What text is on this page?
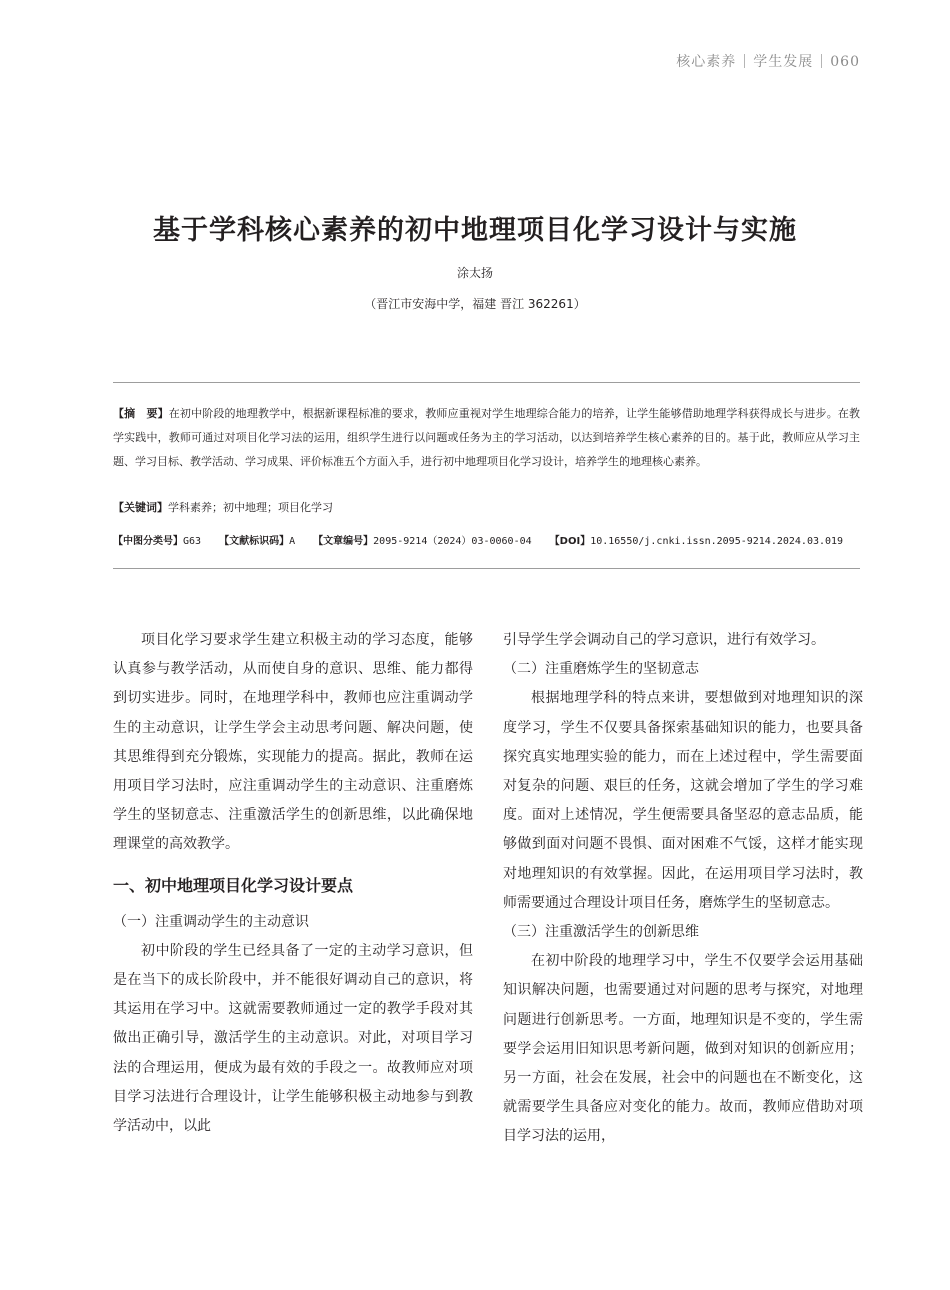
核心素养 学生发展 060
基于学科核心素养的初中地理项目化学习设计与实施
涂太扬
（晋江市安海中学，福建 晋江 362261）
【摘　要】在初中阶段的地理教学中，根据新课程标准的要求，教师应重视对学生地理综合能力的培养，让学生能够借助地理学科获得成长与进步。在教学实践中，教师可通过对项目化学习法的运用，组织学生进行以问题或任务为主的学习活动，以达到培养学生核心素养的目的。基于此，教师应从学习主题、学习目标、教学活动、学习成果、评价标准五个方面入手，进行初中地理项目化学习设计，培养学生的地理核心素养。
【关键词】学科素养；初中地理；项目化学习
【中图分类号】G63 【文献标识码】A 【文章编号】2095-9214（2024）03-0060-04 【DOI】10.16550/j.cnki.issn.2095-9214.2024.03.019

项目化学习要求学生建立积极主动的学习态度，能够认真参与教学活动，从而使自身的意识、思维、能力都得到切实进步。同时，在地理学科中，教师也应注重调动学生的主动意识，让学生学会主动思考问题、解决问题，使其思维得到充分锻炼，实现能力的提高。据此，教师在运用项目学习法时，应注重调动学生的主动意识、注重磨炼学生的坚韧意志、注重激活学生的创新思维，以此确保地理课堂的高效教学。

一、初中地理项目化学习设计要点
（一）注重调动学生的主动意识

初中阶段的学生已经具备了一定的主动学习意识，但是在当下的成长阶段中，并不能很好调动自己的意识，将其运用在学习中。这就需要教师通过一定的教学手段对其做出正确引导，激活学生的主动意识。对此，对项目学习法的合理运用，便成为最有效的手段之一。故教师应对项目学习法进行合理设计，让学生能够积极主动地参与到教学活动中，以此

引导学生学会调动自己的学习意识，进行有效学习。

（二）注重磨炼学生的坚韧意志

根据地理学科的特点来讲，要想做到对地理知识的深度学习，学生不仅要具备探索基础知识的能力，也要具备探究真实地理实验的能力，而在上述过程中，学生需要面对复杂的问题、艰巨的任务，这就会增加了学生的学习难度。面对上述情况，学生便需要具备坚忍的意志品质，能够做到面对问题不畏惧、面对困难不气馁，这样才能实现对地理知识的有效掌握。因此，在运用项目学习法时，教师需要通过合理设计项目任务，磨炼学生的坚韧意志。

（三）注重激活学生的创新思维

在初中阶段的地理学习中，学生不仅要学会运用基础知识解决问题，也需要通过对问题的思考与探究，对地理问题进行创新思考。一方面，地理知识是不变的，学生需要学会运用旧知识思考新问题，做到对知识的创新应用；另一方面，社会在发展，社会中的问题也在不断变化，这就需要学生具备应对变化的能力。故而，教师应借助对项目学习法的运用，
